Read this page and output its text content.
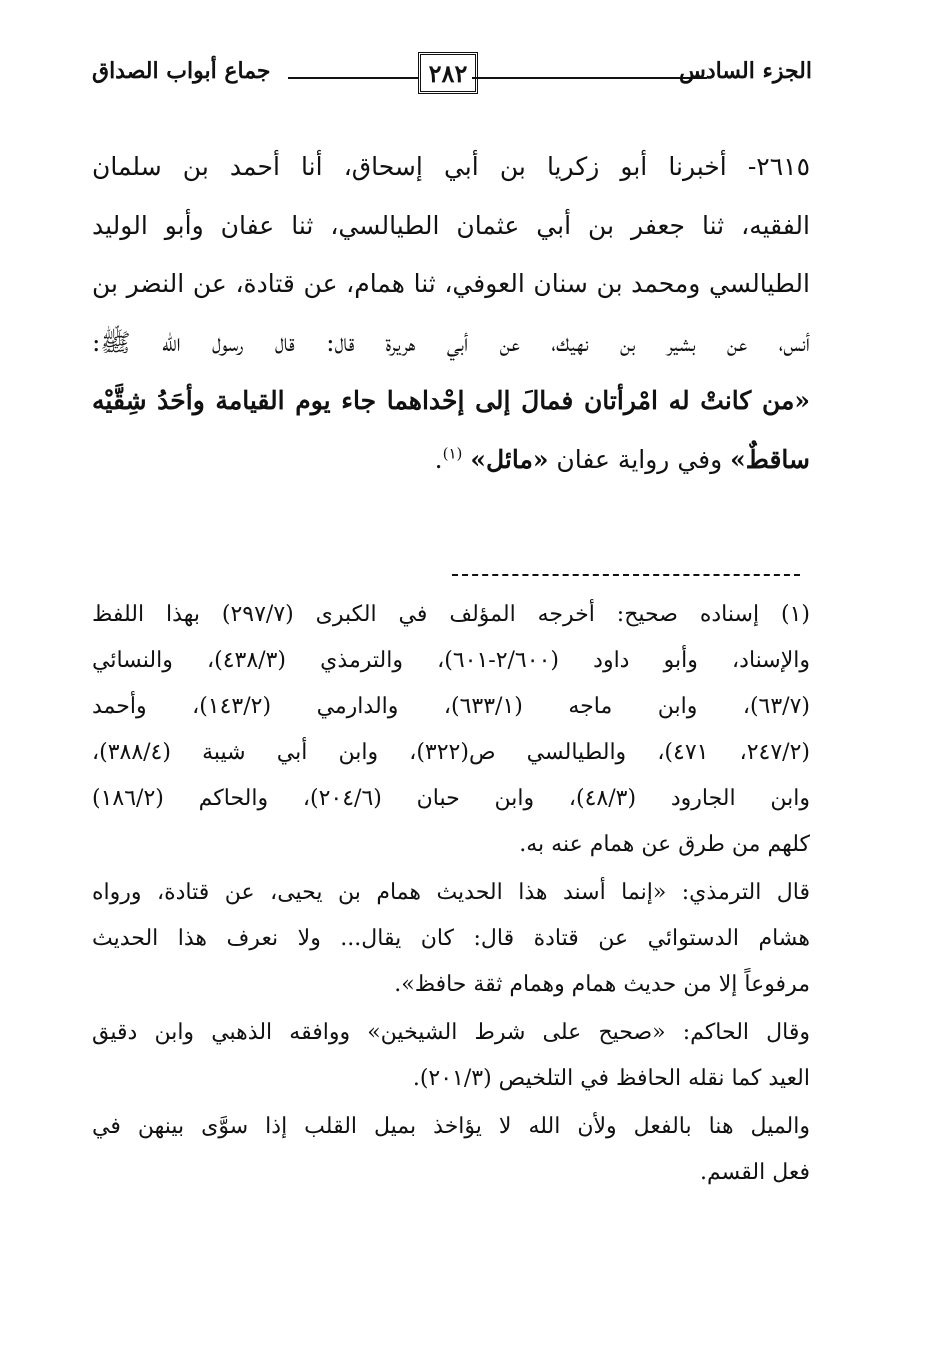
الجزء السادس
٢٨٢
جماع أبواب الصداق
٢٦١٥- أخبرنا أبو زكريا بن أبي إسحاق، أنا أحمد بن سلمان
الفقيه، ثنا جعفر بن أبي عثمان الطيالسي، ثنا عفان وأبو الوليد
الطيالسي ومحمد بن سنان العوفي، ثنا همام، عن قتادة، عن النضر بن
أنس، عن بشير بن نهيك، عن أبي هريرة قال: قال رسول الله ﷺ:
«من كانتْ له امْرأتان فمالَ إلى إحْداهما جاء يوم القيامة وأحَدُ شِقَّيْه
ساقطٌ» وفي رواية عفان «مائل» $^{(١)}$.
(١) إسناده صحيح: أخرجه المؤلف في الكبرى (٢٩٧/٧) بهذا اللفظ
والإسناد، وأبو داود (٢/٦٠٠-٦٠١)، والترمذي (٤٣٨/٣)، والنسائي
(٦٣/٧)، وابن ماجه (٦٣٣/١)، والدارمي (١٤٣/٢)، وأحمد
(٢٤٧/٢، ٤٧١)، والطيالسي ص(٣٢٢)، وابن أبي شيبة (٣٨٨/٤)،
وابن الجارود (٤٨/٣)، وابن حبان (٢٠٤/٦)، والحاكم (١٨٦/٢)
كلهم من طرق عن همام عنه به.
قال الترمذي: «إنما أسند هذا الحديث همام بن يحيى، عن قتادة، ورواه
هشام الدستوائي عن قتادة قال: كان يقال... ولا نعرف هذا الحديث
مرفوعاً إلا من حديث همام وهمام ثقة حافظ».
وقال الحاكم: «صحيح على شرط الشيخين» ووافقه الذهبي وابن دقيق
العيد كما نقله الحافظ في التلخيص (٢٠١/٣).
والميل هنا بالفعل ولأن الله لا يؤاخذ بميل القلب إذا سوَّى بينهن في
فعل القسم.
